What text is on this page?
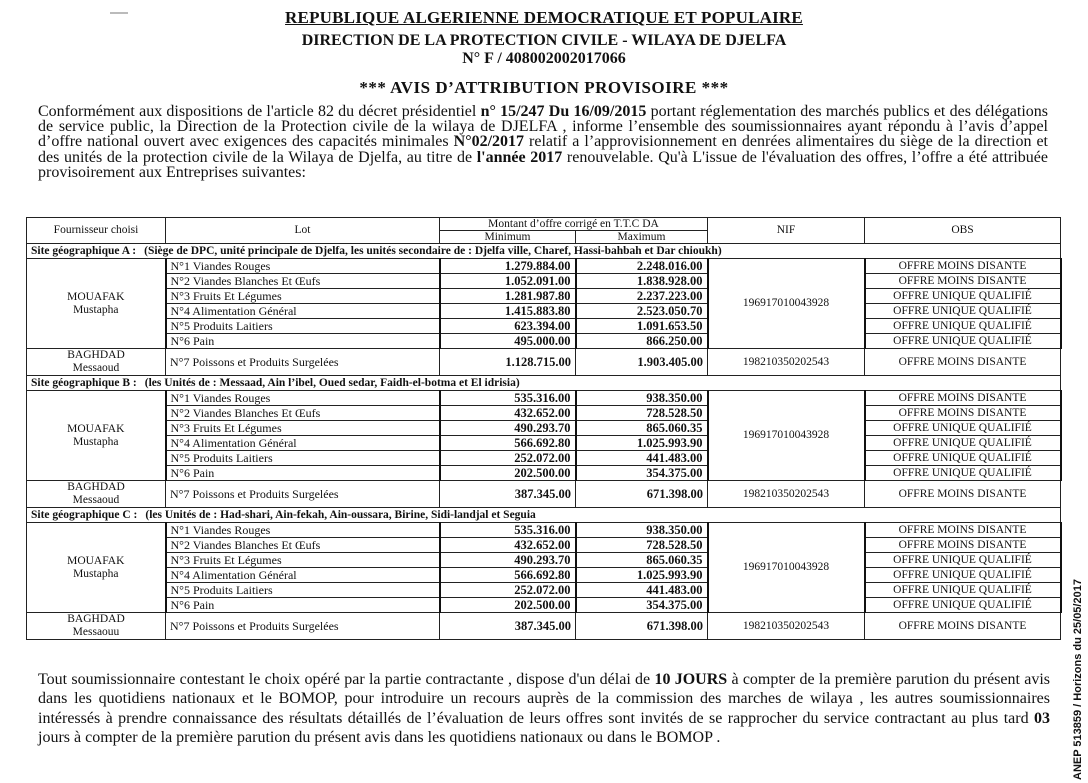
REPUBLIQUE ALGERIENNE DEMOCRATIQUE ET POPULAIRE
DIRECTION DE LA PROTECTION CIVILE - WILAYA DE DJELFA
N° F / 408002002017066
*** AVIS D’ATTRIBUTION PROVISOIRE ***
Conformément aux dispositions de l'article 82 du décret présidentiel n° 15/247 Du 16/09/2015 portant réglementation des marchés publics et des délégations de service public, la Direction de la Protection civile de la wilaya de DJELFA , informe l’ensemble des soumissionnaires ayant répondu à l’avis d’appel d’offre national ouvert avec exigences des capacités minimales N°02/2017 relatif a l’approvisionnement en denrées alimentaires du siège de la direction et des unités de la protection civile de la Wilaya de Djelfa, au titre de l'année 2017 renouvelable. Qu'à L'issue de l'évaluation des offres, l’offre a été attribuée provisoirement aux Entreprises suivantes:
Fournisseur choisi	Lot	Montant d’offre corrigé en T.T.C DA		NIF	OBS
		Minimum	Maximum		
Site géographique A : (Siège de DPC, unité principale de Djelfa, les unités secondaire de : Djelfa ville, Charef, Hassi-bahbah et Dar chioukh)					

MOUAFAK
Mustapha	N°1 Viandes Rouges	1.279.884.00	2.248.016.00	196917010043928	OFFRE MOINS DISANTE
	N°2 Viandes Blanches Et Œufs	1.052.091.00	1.838.928.00		OFFRE MOINS DISANTE
	N°3 Fruits Et Légumes	1.281.987.80	2.237.223.00		OFFRE UNIQUE QUALIFIÉ
	N°4 Alimentation Général	1.415.883.80	2.523.050.70		OFFRE UNIQUE QUALIFIÉ
	N°5 Produits Laitiers	623.394.00	1.091.653.50		OFFRE UNIQUE QUALIFIÉ
	N°6 Pain	495.000.00	866.250.00		OFFRE UNIQUE QUALIFIÉ

BAGHDAD
Messaoud	N°7 Poissons et Produits Surgelées	1.128.715.00	1.903.405.00	198210350202543	OFFRE MOINS DISANTE
Site géographique B : (les Unités de : Messaad, Ain l’ibel, Oued sedar, Faidh-el-botma et El idrisia)					

MOUAFAK
Mustapha	N°1 Viandes Rouges	535.316.00	938.350.00	196917010043928	OFFRE MOINS DISANTE
	N°2 Viandes Blanches Et Œufs	432.652.00	728.528.50		OFFRE MOINS DISANTE
	N°3 Fruits Et Légumes	490.293.70	865.060.35		OFFRE UNIQUE QUALIFIÉ
	N°4 Alimentation Général	566.692.80	1.025.993.90		OFFRE UNIQUE QUALIFIÉ
	N°5 Produits Laitiers	252.072.00	441.483.00		OFFRE UNIQUE QUALIFIÉ
	N°6 Pain	202.500.00	354.375.00		OFFRE UNIQUE QUALIFIÉ

BAGHDAD
Messaoud	N°7 Poissons et Produits Surgelées	387.345.00	671.398.00	198210350202543	OFFRE MOINS DISANTE
Site géographique C : (les Unités de : Had-shari, Ain-fekah, Ain-oussara, Birine, Sidi-landjal et Seguia					

MOUAFAK
Mustapha	N°1 Viandes Rouges	535.316.00	938.350.00	196917010043928	OFFRE MOINS DISANTE
	N°2 Viandes Blanches Et Œufs	432.652.00	728.528.50		OFFRE MOINS DISANTE
	N°3 Fruits Et Légumes	490.293.70	865.060.35		OFFRE UNIQUE QUALIFIÉ
	N°4 Alimentation Général	566.692.80	1.025.993.90		OFFRE UNIQUE QUALIFIÉ
	N°5 Produits Laitiers	252.072.00	441.483.00		OFFRE UNIQUE QUALIFIÉ
	N°6 Pain	202.500.00	354.375.00		OFFRE UNIQUE QUALIFIÉ

BAGHDAD
Messaouu	N°7 Poissons et Produits Surgelées	387.345.00	671.398.00	198210350202543	OFFRE MOINS DISANTE
Tout soumissionnaire contestant le choix opéré par la partie contractante , dispose d'un délai de 10 JOURS à compter de la première parution du présent avis dans les quotidiens nationaux et le BOMOP, pour introduire un recours auprès de la commission des marches de wilaya , les autres soumissionnaires intéressés à prendre connaissance des résultats détaillés de l’évaluation de leurs offres sont invités de se rapprocher du service contractant au plus tard 03 jours à compter de la première parution du présent avis dans les quotidiens nationaux ou dans le BOMOP .	ANEP 513859 / Horizons du 25/05/2017
